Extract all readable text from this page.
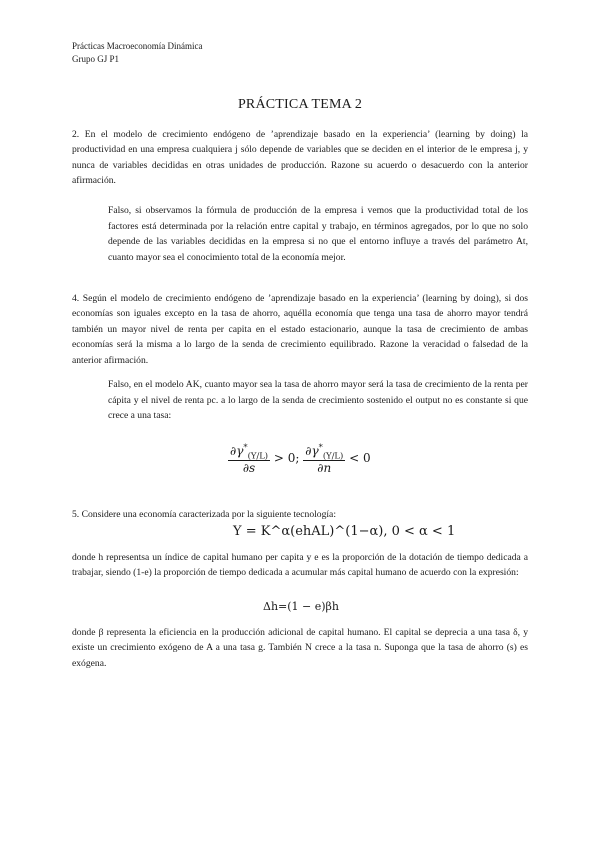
Prácticas Macroeconomía Dinámica
Grupo GJ P1
PRÁCTICA TEMA 2
2. En el modelo de crecimiento endógeno de ’aprendizaje basado en la experiencia’ (learning by doing) la productividad en una empresa cualquiera j sólo depende de variables que se deciden en el interior de le empresa j, y nunca de variables decididas en otras unidades de producción. Razone su acuerdo o desacuerdo con la anterior afirmación.
Falso, si observamos la fórmula de producción de la empresa i vemos que la productividad total de los factores está determinada por la relación entre capital y trabajo, en términos agregados, por lo que no solo depende de las variables decididas en la empresa si no que el entorno influye a través del parámetro At, cuanto mayor sea el conocimiento total de la economía mejor.
4. Según el modelo de crecimiento endógeno de ’aprendizaje basado en la experiencia’ (learning by doing), si dos economías son iguales excepto en la tasa de ahorro, aquélla economía que tenga una tasa de ahorro mayor tendrá también un mayor nivel de renta per capita en el estado estacionario, aunque la tasa de crecimiento de ambas economías será la misma a lo largo de la senda de crecimiento equilibrado. Razone la veracidad o falsedad de la anterior afirmación.
Falso, en el modelo AK, cuanto mayor sea la tasa de ahorro mayor será la tasa de crecimiento de la renta per cápita y el nivel de renta pc. a lo largo de la senda de crecimiento sostenido el output no es constante si que crece a una tasa:
$\frac{\partial\gamma^*_{(Y/L)}}{\partial s} > 0$; $\frac{\partial\gamma^*_{(Y/L)}}{\partial n} < 0$
5. Considere una economía caracterizada por la siguiente tecnología:
Y = K^α(ehAL)^(1−α), 0 < α < 1
donde h representsa un índice de capital humano per capita y e es la proporción de la dotación de tiempo dedicada a trabajar, siendo (1-e) la proporción de tiempo dedicada a acumular más capital humano de acuerdo con la expresión:
Δh=(1 − e)βh
donde β representa la eficiencia en la producción adicional de capital humano. El capital se deprecia a una tasa δ, y existe un crecimiento exógeno de A a una tasa g. También N crece a la tasa n. Suponga que la tasa de ahorro (s) es exógena.
